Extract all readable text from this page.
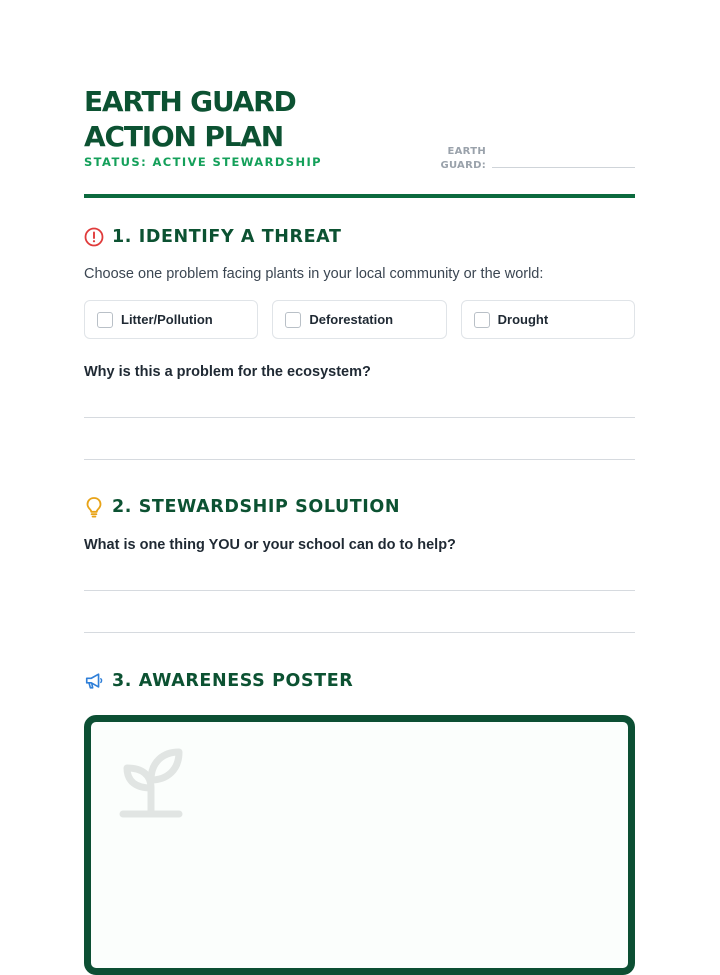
EARTH GUARD
ACTION PLAN
STATUS: ACTIVE STEWARDSHIP
EARTH
GUARD:
1. IDENTIFY A THREAT
Choose one problem facing plants in your local community or the world:
Litter/Pollution	Deforestation	Drought
Why is this a problem for the ecosystem?
2. STEWARDSHIP SOLUTION
What is one thing YOU or your school can do to help?
3. AWARENESS POSTER
